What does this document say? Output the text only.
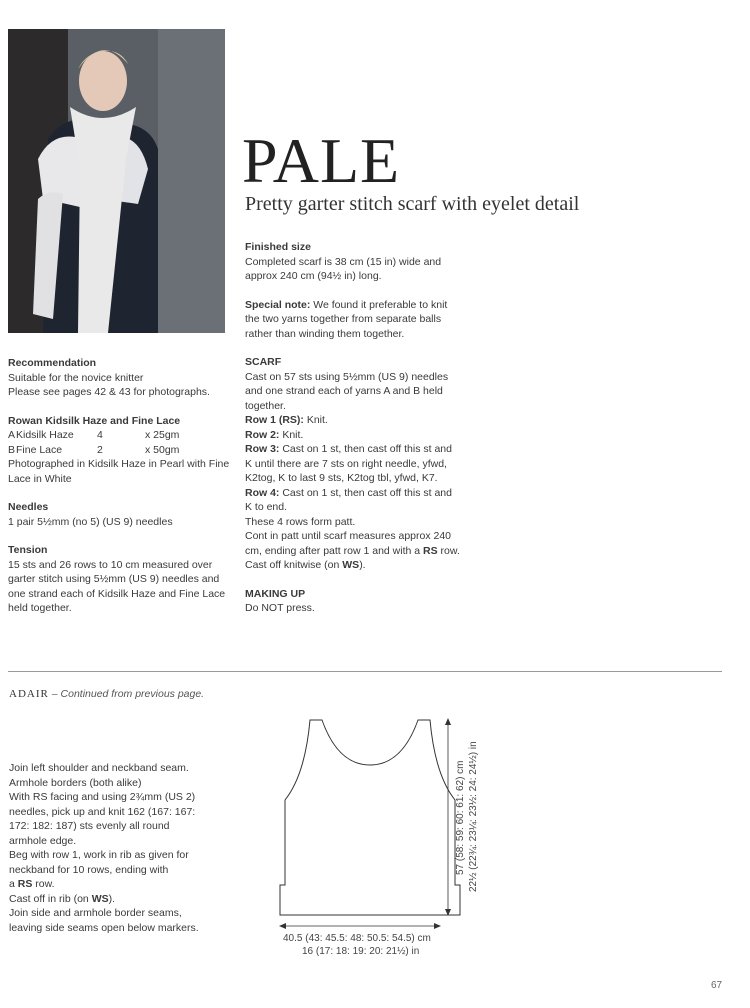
PALE
Pretty garter stitch scarf with eyelet detail

Recommendation

Suitable for the novice knitter

Please see pages 42 & 43 for photographs.

Rowan Kidsilk Haze and Fine Lace

A Kidsilk Haze 4	x 25gm
B Fine Lace	2	x 50gm

Photographed in Kidsilk Haze in Pearl with Fine

Lace in White

Needles

1 pair 5½mm (no 5) (US 9) needles

Tension

15 sts and 26 rows to 10 cm measured over

garter stitch using 5½mm (US 9) needles and

one strand each of Kidsilk Haze and Fine Lace

held together.

Finished size

Completed scarf is 38 cm (15 in) wide and

approx 240 cm (94½ in) long.

Special note: We found it preferable to knit

the two yarns together from separate balls

rather than winding them together.

SCARF

Cast on 57 sts using 5½mm (US 9) needles

and one strand each of yarns A and B held

together.

Row 1 (RS): Knit.

Row 2: Knit.

Row 3: Cast on 1 st, then cast off this st and

K until there are 7 sts on right needle, yfwd,

K2tog, K to last 9 sts, K2tog tbl, yfwd, K7.

Row 4: Cast on 1 st, then cast off this st and

K to end.

These 4 rows form patt.

Cont in patt until scarf measures approx 240

cm, ending after patt row 1 and with a RS row.

Cast off knitwise (on WS).

MAKING UP

Do NOT press.

ADAIR – Continued from previous page.

Join left shoulder and neckband seam.

Armhole borders (both alike)

With RS facing and using 2¾mm (US 2)

needles, pick up and knit 162 (167: 167:

172: 182: 187) sts evenly all round

armhole edge.

Beg with row 1, work in rib as given for

neckband for 10 rows, ending with

a RS row.

Cast off in rib (on WS).

Join side and armhole border seams,

leaving side seams open below markers.

40.5 (43: 45.5: 48: 50.5: 54.5) cm
16 (17: 18: 19: 20: 21½) in
57 (58: 59: 60: 61: 62) cm 22½ (22¾: 23¼: 23½: 24: 24½) in
67
